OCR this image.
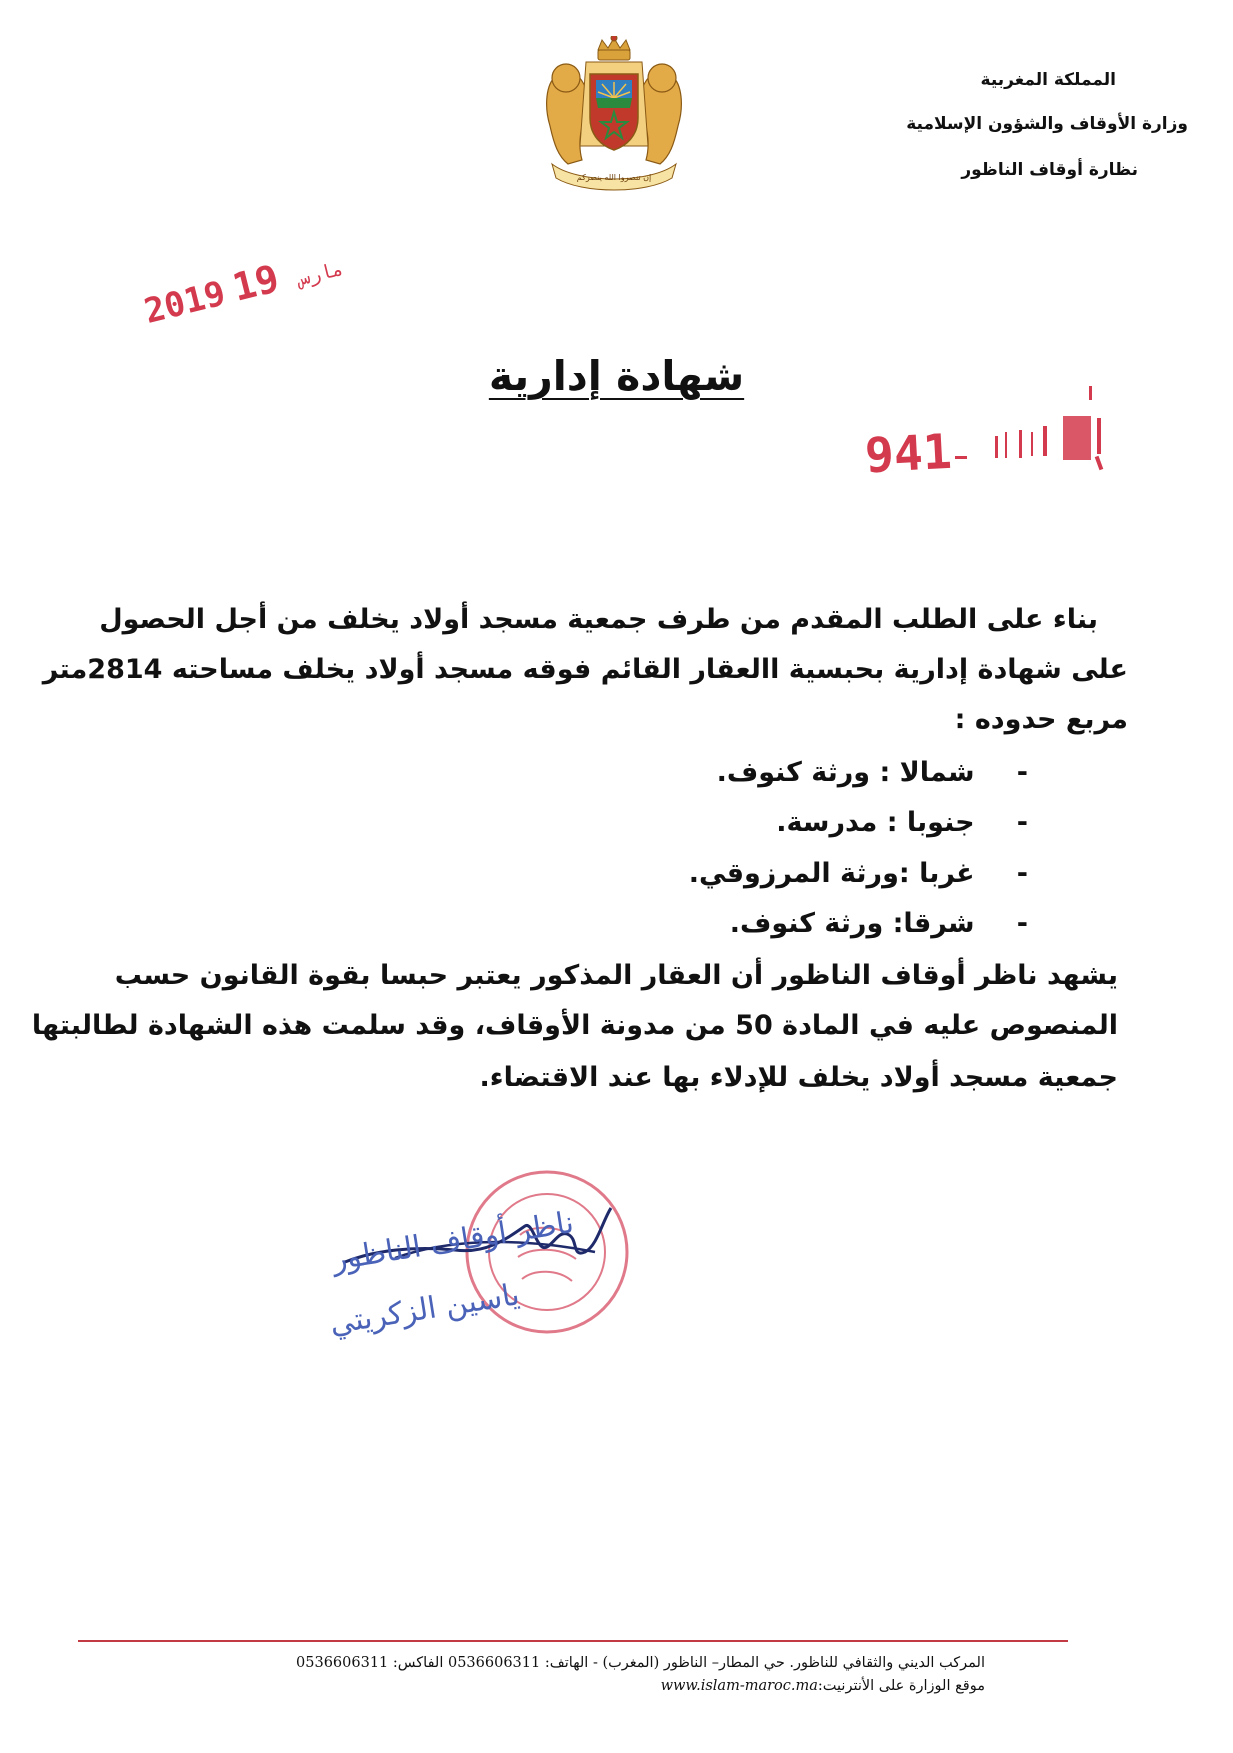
المملكة المغربية
وزارة الأوقاف والشؤون الإسلامية
نظارة أوقاف الناظور
إن تنصروا الله ينصركم
2019	مارس 19
941
شهادة إدارية
بناء على الطلب المقدم من طرف جمعية مسجد أولاد يخلف من أجل الحصول
على شهادة إدارية بحبسية االعقار القائم فوقه مسجد أولاد يخلف مساحته 2814متر
مربع حدوده :
- شمالا : ورثة كنوف.
- جنوبا : مدرسة.
- غربا :ورثة المرزوقي.
- شرقا: ورثة كنوف.
يشهد ناظر أوقاف الناظور أن العقار المذكور يعتبر حبسا بقوة القانون حسب
المنصوص عليه في المادة 50 من مدونة الأوقاف، وقد سلمت هذه الشهادة لطالبتها
جمعية مسجد أولاد يخلف للإدلاء بها عند الاقتضاء.
ناظر أوقاف الناظور
ياسين الزكريتي
المركب الديني والثقافي للناظور. حي المطار– الناظور (المغرب) - الهاتف: 0536606311 الفاكس: 0536606311
موقع الوزارة على الأنترنيت:www.islam-maroc.ma
